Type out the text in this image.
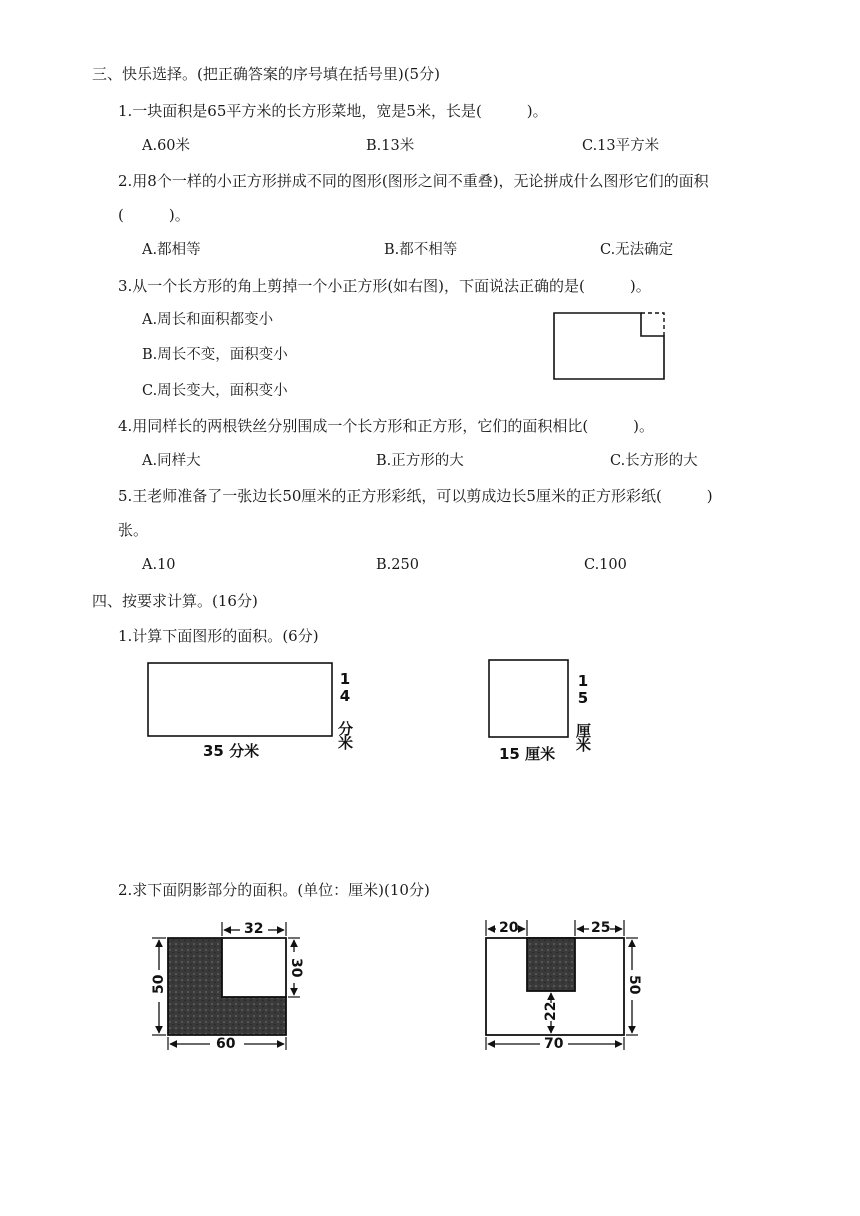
三、快乐选择。(把正确答案的序号填在括号里)(5分)
1.一块面积是65平方米的长方形菜地，宽是5米，长是(　　　)。
A.60米	B.13米	C.13平方米
2.用8个一样的小正方形拼成不同的图形(图形之间不重叠)，无论拼成什么图形它们的面积
(　　　)。
A.都相等	B.都不相等	C.无法确定
3.从一个长方形的角上剪掉一个小正方形(如右图)，下面说法正确的是(　　　)。
A.周长和面积都变小
B.周长不变，面积变小
C.周长变大，面积变小
4.用同样长的两根铁丝分别围成一个长方形和正方形，它们的面积相比(　　　)。
A.同样大	B.正方形的大	C.长方形的大
5.王老师准备了一张边长50厘米的正方形彩纸，可以剪成边长5厘米的正方形彩纸(　　　)
张。
A.10	B.250	C.100
四、按要求计算。(16分)
1.计算下面图形的面积。(6分)
2.求下面阴影部分的面积。(单位：厘米)(10分)
35 分米
14 分米
15 厘米
15 厘米
32
30
50
60
20	25
50
22
70
